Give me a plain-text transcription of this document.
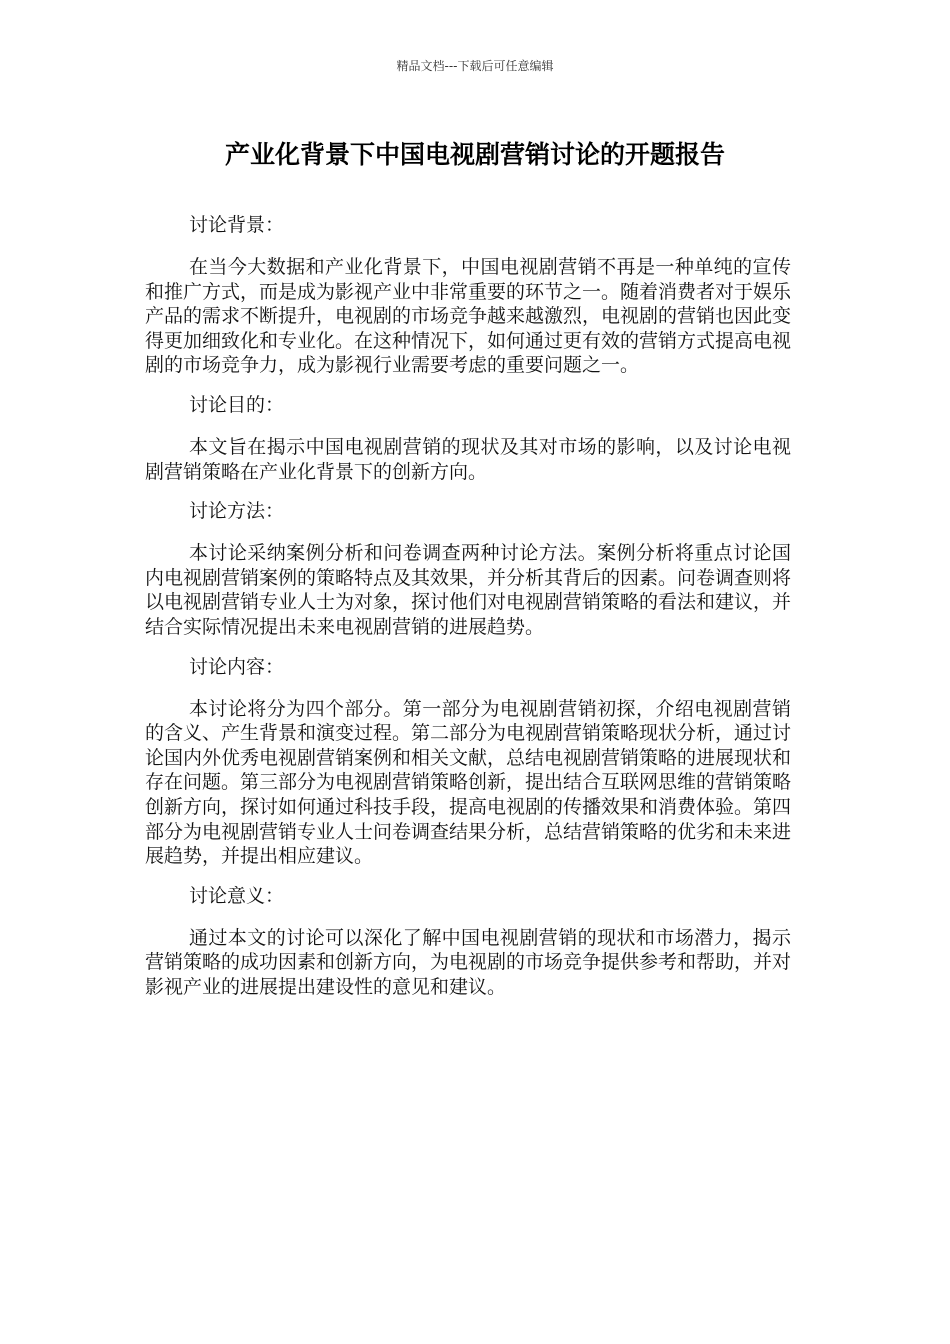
精品文档---下载后可任意编辑
产业化背景下中国电视剧营销讨论的开题报告

讨论背景：

在当今大数据和产业化背景下，中国电视剧营销不再是一种单纯的宣传和推广方式，而是成为影视产业中非常重要的环节之一。随着消费者对于娱乐产品的需求不断提升，电视剧的市场竞争越来越激烈，电视剧的营销也因此变得更加细致化和专业化。在这种情况下，如何通过更有效的营销方式提高电视剧的市场竞争力，成为影视行业需要考虑的重要问题之一。

讨论目的：

本文旨在揭示中国电视剧营销的现状及其对市场的影响，以及讨论电视剧营销策略在产业化背景下的创新方向。

讨论方法：

本讨论采纳案例分析和问卷调查两种讨论方法。案例分析将重点讨论国内电视剧营销案例的策略特点及其效果，并分析其背后的因素。问卷调查则将以电视剧营销专业人士为对象，探讨他们对电视剧营销策略的看法和建议，并结合实际情况提出未来电视剧营销的进展趋势。

讨论内容：

本讨论将分为四个部分。第一部分为电视剧营销初探，介绍电视剧营销的含义、产生背景和演变过程。第二部分为电视剧营销策略现状分析，通过讨论国内外优秀电视剧营销案例和相关文献，总结电视剧营销策略的进展现状和存在问题。第三部分为电视剧营销策略创新，提出结合互联网思维的营销策略创新方向，探讨如何通过科技手段，提高电视剧的传播效果和消费体验。第四部分为电视剧营销专业人士问卷调查结果分析，总结营销策略的优劣和未来进展趋势，并提出相应建议。

讨论意义：

通过本文的讨论可以深化了解中国电视剧营销的现状和市场潜力，揭示营销策略的成功因素和创新方向，为电视剧的市场竞争提供参考和帮助，并对影视产业的进展提出建设性的意见和建议。
